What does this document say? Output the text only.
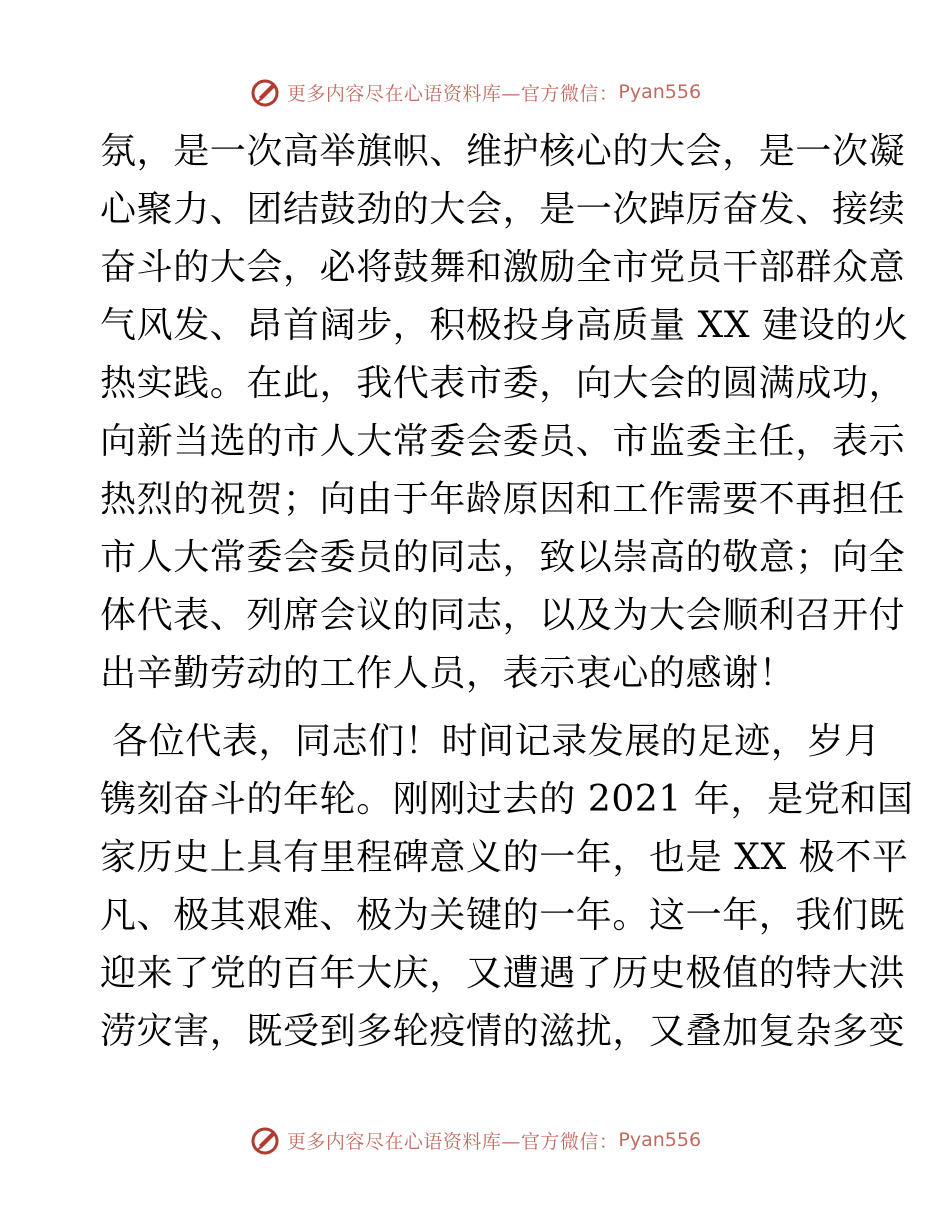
更多内容尽在心语资料库—官方微信： Pyan556
氛，是一次高举旗帜、维护核心的大会，是一次凝
心聚力、团结鼓劲的大会，是一次踔厉奋发、接续
奋斗的大会，必将鼓舞和激励全市党员干部群众意
气风发、昂首阔步，积极投身高质量 XX 建设的火
热实践。在此，我代表市委，向大会的圆满成功，
向新当选的市人大常委会委员、市监委主任，表示
热烈的祝贺；向由于年龄原因和工作需要不再担任
市人大常委会委员的同志，致以崇高的敬意；向全
体代表、列席会议的同志，以及为大会顺利召开付
出辛勤劳动的工作人员，表示衷心的感谢！
各位代表，同志们！时间记录发展的足迹，岁月
镌刻奋斗的年轮。刚刚过去的 2021 年，是党和国
家历史上具有里程碑意义的一年，也是 XX 极不平
凡、极其艰难、极为关键的一年。这一年，我们既
迎来了党的百年大庆，又遭遇了历史极值的特大洪
涝灾害，既受到多轮疫情的滋扰，又叠加复杂多变
更多内容尽在心语资料库—官方微信： Pyan556
